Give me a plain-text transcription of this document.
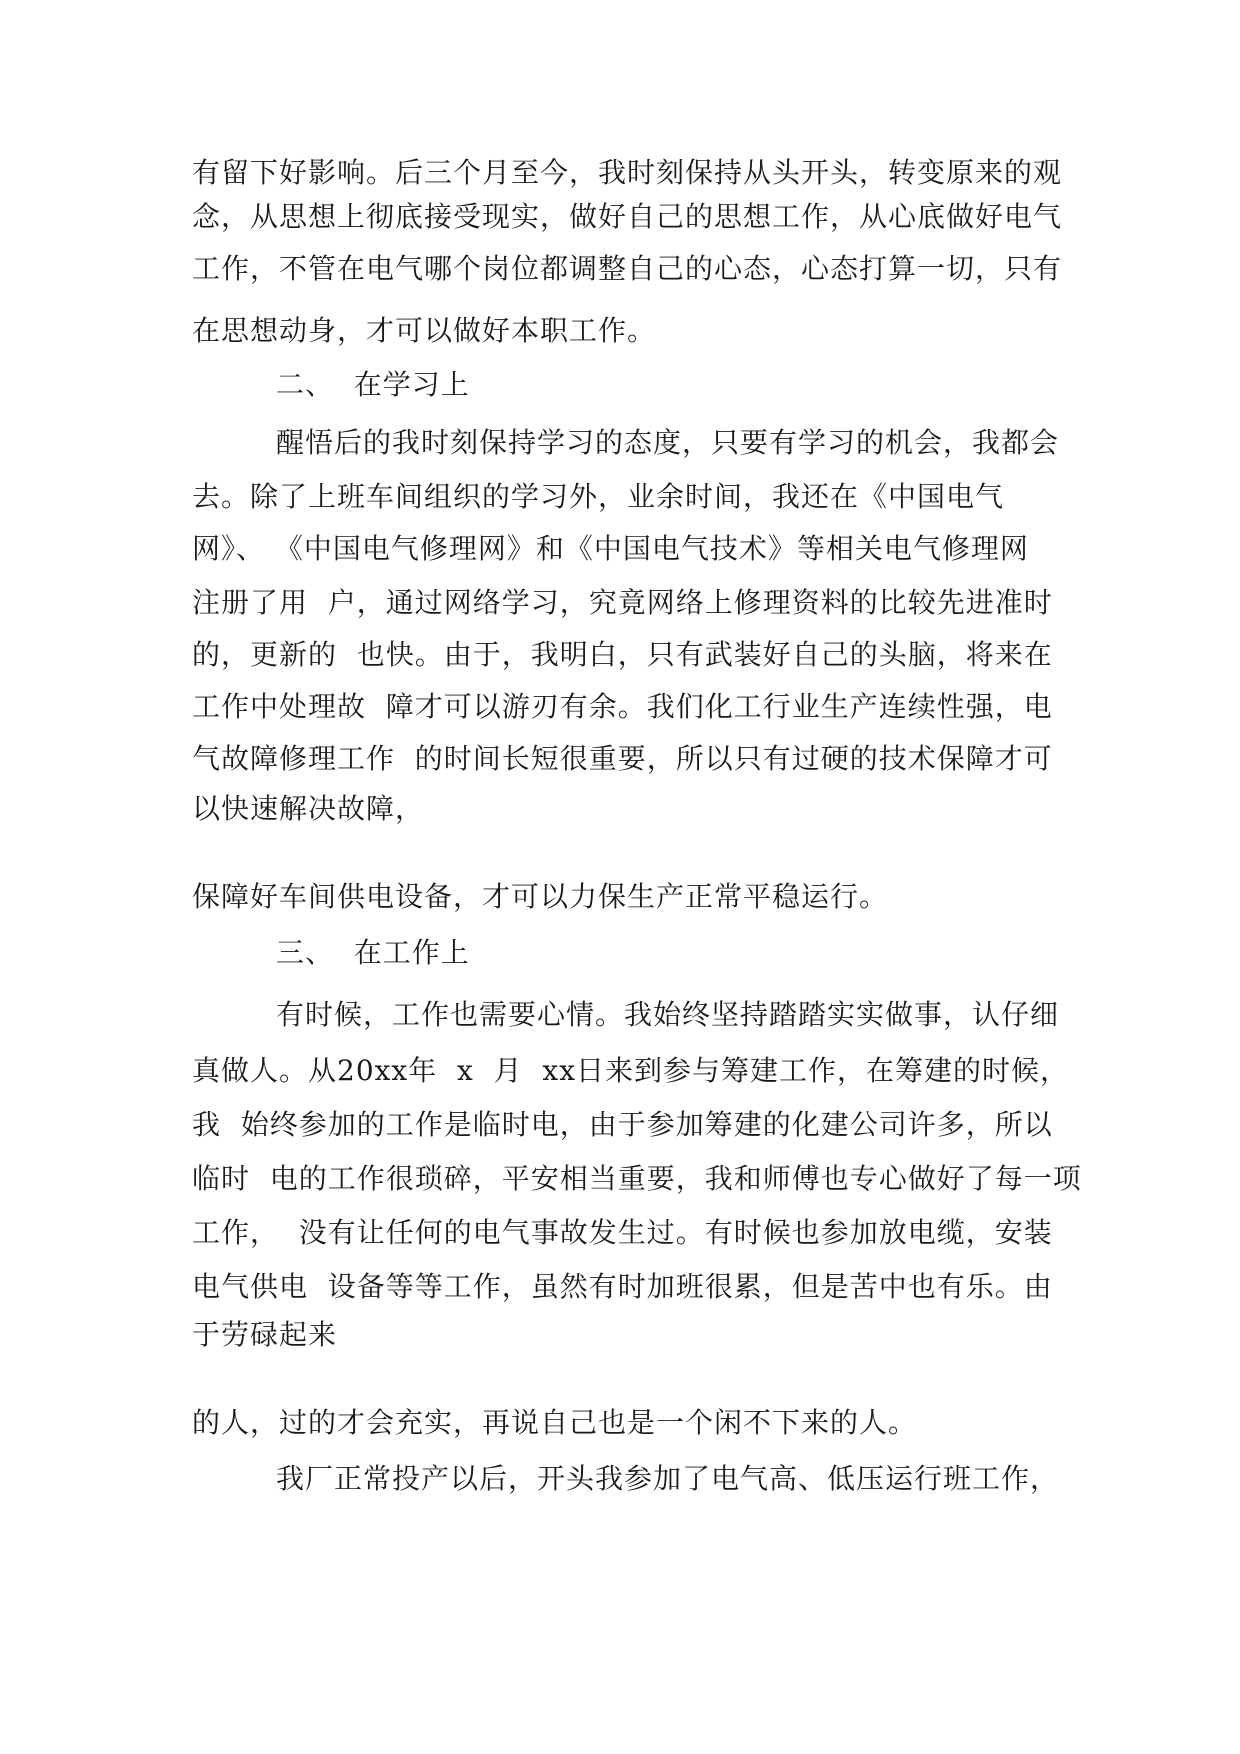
有留下好影响。后三个月至今，我时刻保持从头开头，转变原来的观
念，从思想上彻底接受现实，做好自己的思想工作，从心底做好电气
工作，不管在电气哪个岗位都调整自己的心态，心态打算一切，只有
在思想动身，才可以做好本职工作。
二、  在学习上
醒悟后的我时刻保持学习的态度，只要有学习的机会，我都会
去。除了上班车间组织的学习外，业余时间，我还在《中国电气
网》、 《中国电气修理网》和《中国电气技术》等相关电气修理网
注册了用  户，通过网络学习，究竟网络上修理资料的比较先进准时
的，更新的  也快。由于，我明白，只有武装好自己的头脑，将来在
工作中处理故  障才可以游刃有余。我们化工行业生产连续性强，电
气故障修理工作  的时间长短很重要，所以只有过硬的技术保障才可
以快速解决故障，
保障好车间供电设备，才可以力保生产正常平稳运行。
三、  在工作上
有时候，工作也需要心情。我始终坚持踏踏实实做事，认仔细
真做人。从20xx年  x  月  xx日来到参与筹建工作，在筹建的时候，
我  始终参加的工作是临时电，由于参加筹建的化建公司许多，所以
临时  电的工作很琐碎，平安相当重要，我和师傅也专心做好了每一项
工作，  没有让任何的电气事故发生过。有时候也参加放电缆，安装
电气供电  设备等等工作，虽然有时加班很累，但是苦中也有乐。由
于劳碌起来
的人，过的才会充实，再说自己也是一个闲不下来的人。
我厂正常投产以后，开头我参加了电气高、低压运行班工作，
